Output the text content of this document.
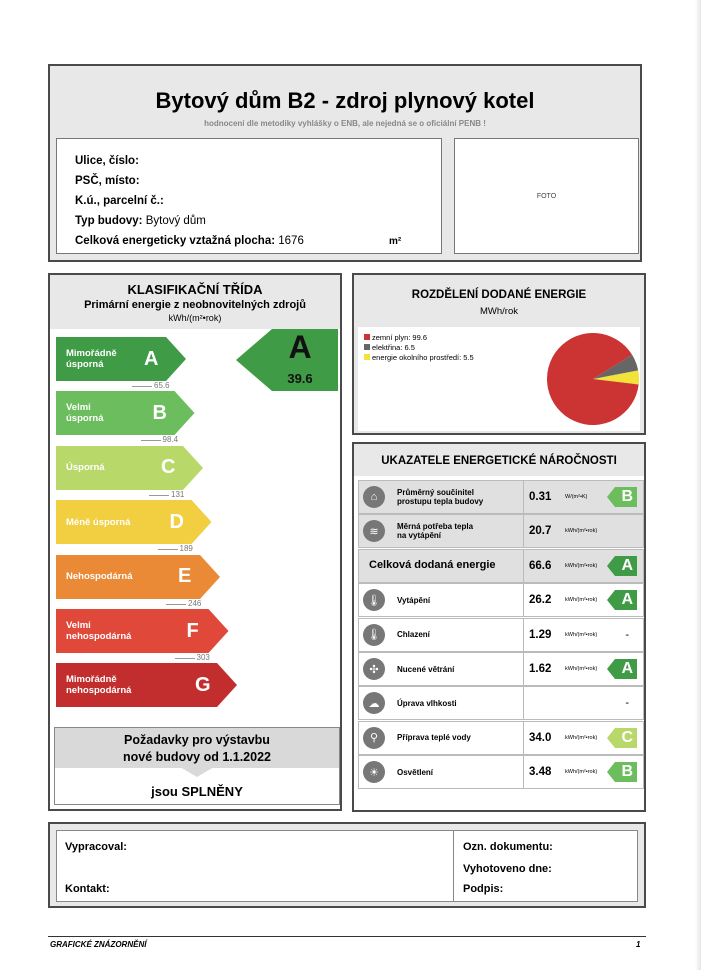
Bytový dům B2 - zdroj plynový kotel
hodnocení dle metodiky vyhlášky o ENB, ale nejedná se o oficiální PENB !
Ulice, číslo:
PSČ, místo:
K.ú., parcelní č.:
Typ budovy: Bytový dům
Celková energeticky vztažná plocha: 1676	m²
FOTO
KLASIFIKAČNÍ TŘÍDA
Primární energie z neobnovitelných zdrojů
kWh/(m²•rok)
Mimořádně
úsporná	A
65.6
Velmi
úsporná B
98.4
Úsporná	C
131
Méně úsporná D
189
Nehospodárná E
246
Velmi
nehospodárná	F
303
Mimořádně
nehospodárná	G
A
39.6
Požadavky pro výstavbu
nové budovy od 1.1.2022
jsou SPLNĚNY
ROZDĚLENÍ DODANÉ ENERGIE
MWh/rok
zemní plyn: 99.6
elektřina: 6.5
energie okolního prostředí: 5.5
UKAZATELE ENERGETICKÉ NÁROČNOSTI
⌂	Průměrný součinitel
prostupu tepla budovy	0.31 W/(m²•K) B
≋	Měrná potřeba tepla
na vytápění	20.7 kWh/(m²•rok)
Celková dodaná energie	66.6 kWh/(m²•rok) A
🌡	Vytápění	26.2 kWh/(m²•rok) A
🌡	Chlazení	1.29 kWh/(m²•rok)	-
✣	Nucené větrání	1.62 kWh/(m²•rok) A
☁	Úprava vlhkosti	-
⚲	Příprava teplé vody	34.0 kWh/(m²•rok) C
☀	Osvětlení	3.48 kWh/(m²•rok) B
Vypracoval:
Kontakt:
Ozn. dokumentu:
Vyhotoveno dne:
Podpis:
GRAFICKÉ ZNÁZORNĚNÍ	1
